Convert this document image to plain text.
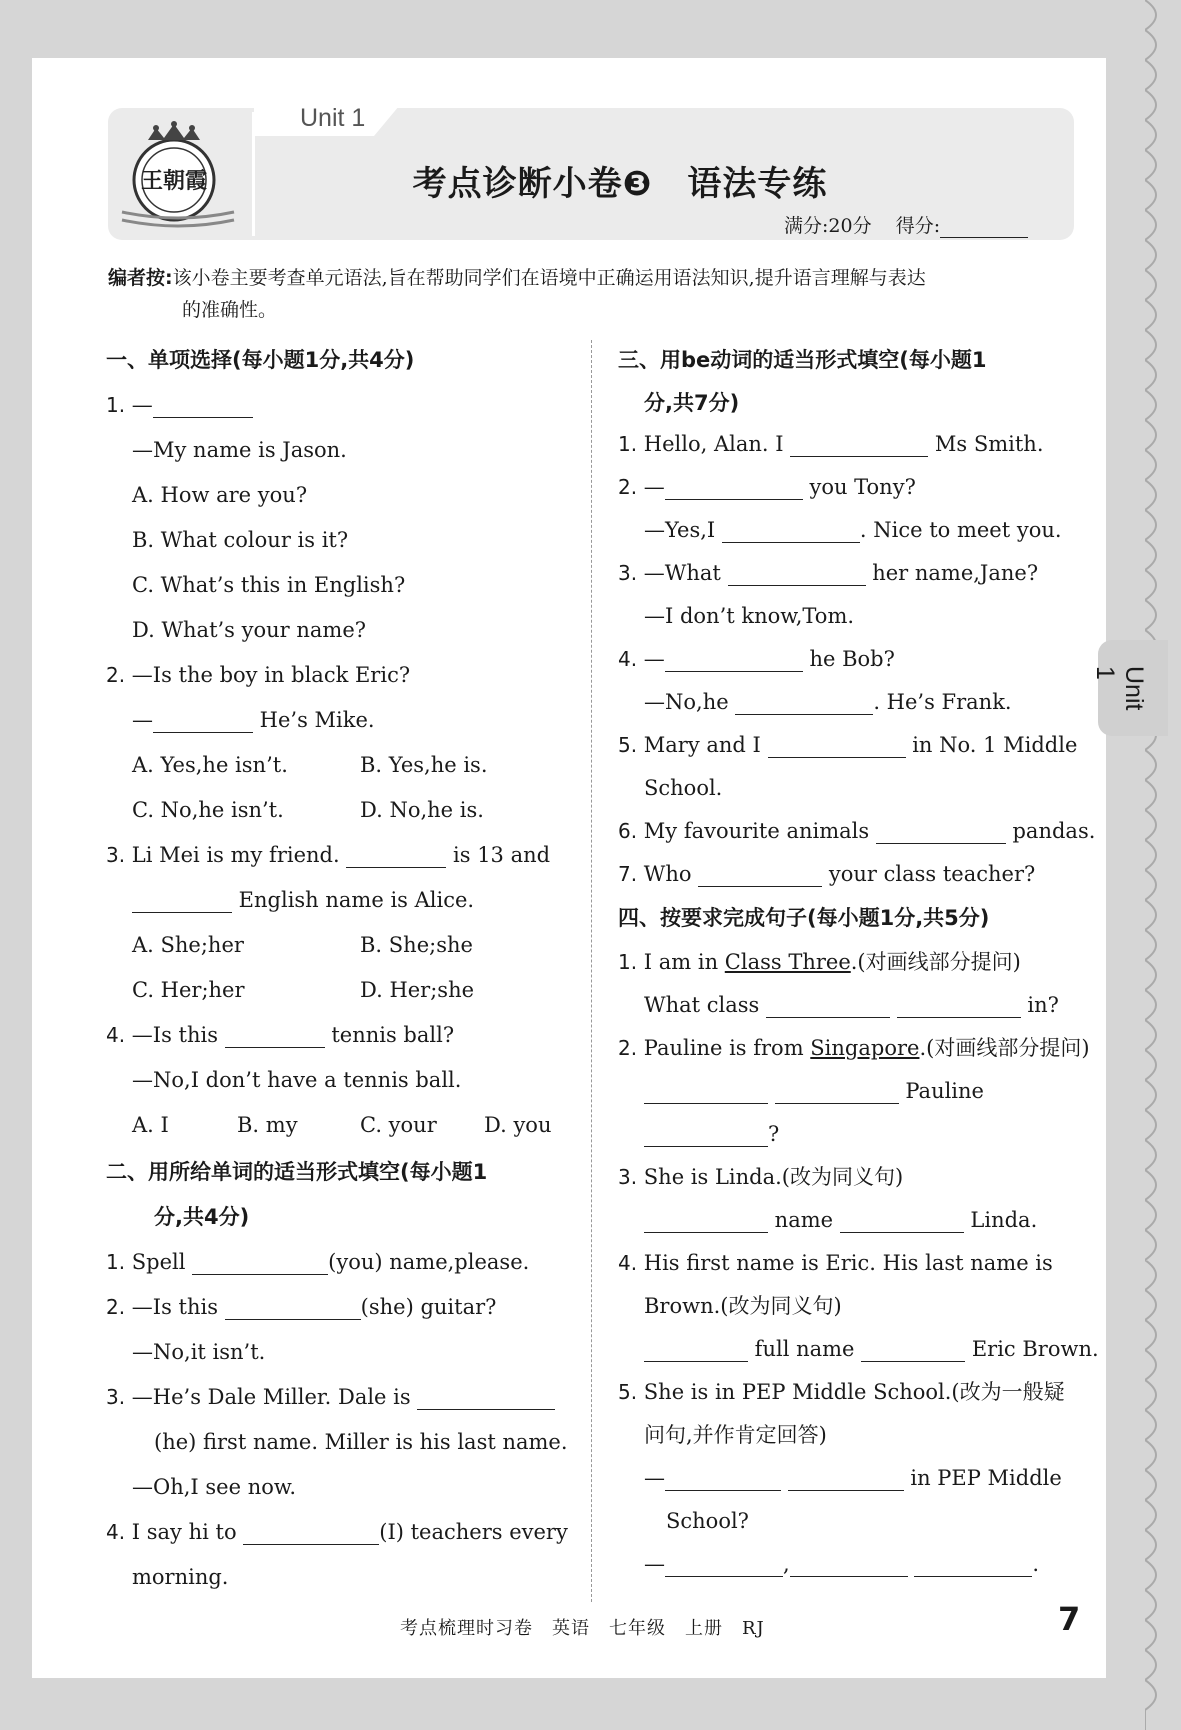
Unit 1
王朝霞	考点诊断小卷❸　语法专练
满分:20分 得分:
编者按:该小卷主要考查单元语法,旨在帮助同学们在语境中正确运用语法知识,提升语言理解与表达
的准确性。
一、单项选择(每小题1分,共4分)
1. —
—My name is Jason.
A. How are you?
B. What colour is it?
C. What’s this in English?
D. What’s your name?
2. —Is the boy in black Eric?
—	He’s Mike.
A. Yes,he isn’t.	B. Yes,he is.
C. No,he isn’t.	D. No,he is.
3. Li Mei is my friend.	is 13 and
English name is Alice.
A. She;her	B. She;she
C. Her;her	D. Her;she
4. —Is this	tennis ball?
—No,I don’t have a tennis ball.
A. I	B. my	C. your D. you
二、用所给单词的适当形式填空(每小题1
分,共4分)
1. Spell	(you) name,please.
2. —Is this	(she) guitar?
—No,it isn’t.
3. —He’s Dale Miller. Dale is
(he) first name. Miller is his last name.
—Oh,I see now.
4. I say hi to	(I) teachers every
morning.
三、用be动词的适当形式填空(每小题1
分,共7分)
1. Hello, Alan. I	Ms Smith.
2. —	you Tony?
—Yes,I	. Nice to meet you.
3. —What	her name,Jane?
—I don’t know,Tom.
4. —	he Bob?
—No,he	. He’s Frank.
5. Mary and I	in No. 1 Middle
School.
6. My favourite animals	pandas.
7. Who	your class teacher?
四、按要求完成句子(每小题1分,共5分)
1. I am in Class Three.(对画线部分提问)
What class	in?
2. Pauline is from Singapore.(对画线部分提问)
Pauline
?
3. She is Linda.(改为同义句)
name	Linda.
4. His first name is Eric. His last name is
Brown.(改为同义句)
full name	Eric Brown.
5. She is in PEP Middle School.(改为一般疑
问句,并作肯定回答)
—	in PEP Middle
School?
—	,	.
Unit 1
考点梳理时习卷　英语　七年级　上册　RJ	7
